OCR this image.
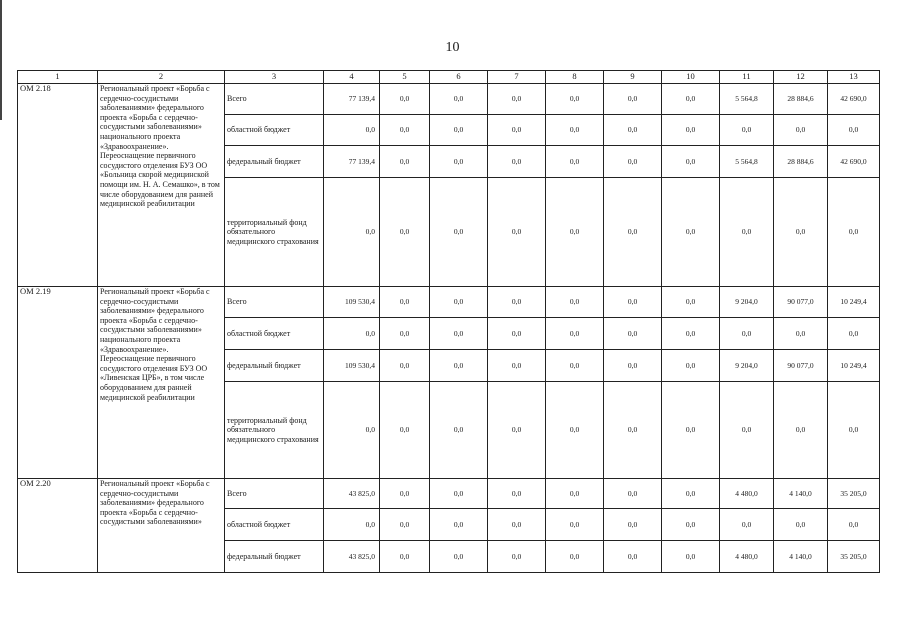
10
1	2	3	4	5	6	7	8	9	10	11	12	13
ОМ 2.18	Региональный проект «Борьба с сердечно-сосудистыми заболеваниями» федерального проекта «Борьба с сердечно-сосудистыми заболеваниями» национального проекта «Здравоохранение». Переоснащение первичного сосудистого отделения БУЗ ОО «Больница скорой медицинской помощи им. Н. А. Семашко», в том числе оборудованием для ранней медицинской реабилитации	Всего	77 139,4	0,0	0,0	0,0	0,0	0,0	0,0	5 564,8	28 884,6	42 690,0
		областной бюджет	0,0	0,0	0,0	0,0	0,0	0,0	0,0	0,0	0,0	0,0
		федеральный бюджет	77 139,4	0,0	0,0	0,0	0,0	0,0	0,0	5 564,8	28 884,6	42 690,0
		территориальный фонд обязательного медицинского страхования	0,0	0,0	0,0	0,0	0,0	0,0	0,0	0,0	0,0	0,0
ОМ 2.19	Региональный проект «Борьба с сердечно-сосудистыми заболеваниями» федерального проекта «Борьба с сердечно-сосудистыми заболеваниями» национального проекта «Здравоохранение». Переоснащение первичного сосудистого отделения БУЗ ОО «Ливенская ЦРБ», в том числе оборудованием для ранней медицинской реабилитации	Всего	109 530,4	0,0	0,0	0,0	0,0	0,0	0,0	9 204,0	90 077,0	10 249,4
		областной бюджет	0,0	0,0	0,0	0,0	0,0	0,0	0,0	0,0	0,0	0,0
		федеральный бюджет	109 530,4	0,0	0,0	0,0	0,0	0,0	0,0	9 204,0	90 077,0	10 249,4
		территориальный фонд обязательного медицинского страхования	0,0	0,0	0,0	0,0	0,0	0,0	0,0	0,0	0,0	0,0
ОМ 2.20	Региональный проект «Борьба с сердечно-сосудистыми заболеваниями» федерального проекта «Борьба с сердечно-сосудистыми заболеваниями»	Всего	43 825,0	0,0	0,0	0,0	0,0	0,0	0,0	4 480,0	4 140,0	35 205,0
		областной бюджет	0,0	0,0	0,0	0,0	0,0	0,0	0,0	0,0	0,0	0,0
		федеральный бюджет	43 825,0	0,0	0,0	0,0	0,0	0,0	0,0	4 480,0	4 140,0	35 205,0
